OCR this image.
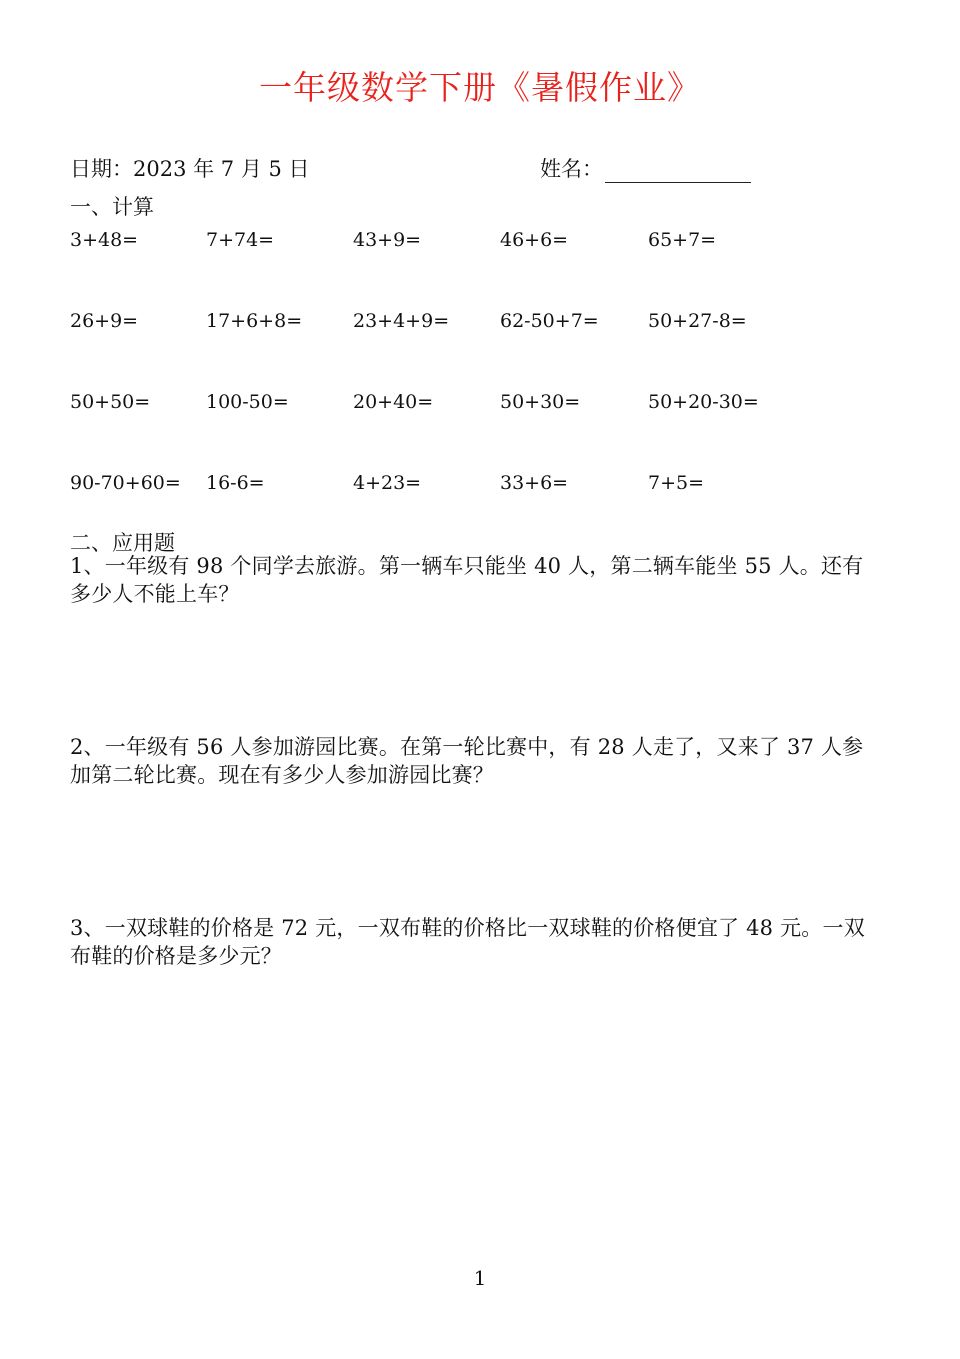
一年级数学下册《暑假作业》
日期：2023 年 7 月 5 日	姓名：
一、计算
3+48=	7+74=	43+9=	46+6=	65+7=
26+9=	17+6+8=	23+4+9=	62-50+7=	50+27-8=
50+50=	100-50=	20+40=	50+30=	50+20-30=
90-70+60= 16-6=	4+23=	33+6=	7+5=
二、应用题
1、一年级有 98 个同学去旅游。第一辆车只能坐 40 人，第二辆车能坐 55 人。还有
多少人不能上车？
2、一年级有 56 人参加游园比赛。在第一轮比赛中，有 28 人走了，又来了 37 人参
加第二轮比赛。现在有多少人参加游园比赛？
3、一双球鞋的价格是 72 元，一双布鞋的价格比一双球鞋的价格便宜了 48 元。一双
布鞋的价格是多少元？
1
